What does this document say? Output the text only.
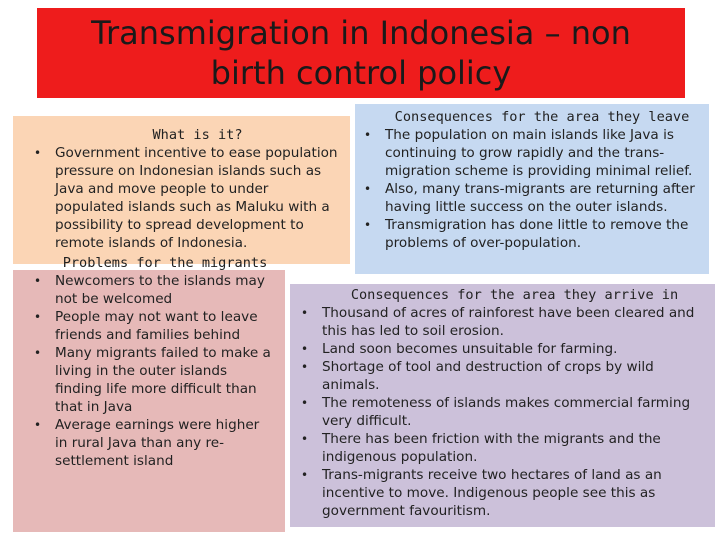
Transmigration in Indonesia – non birth control policy
What is it?
• Government incentive to ease population pressure on Indonesian islands such as Java and move people to under populated islands such as Maluku with a possibility to spread development to remote islands of Indonesia.
Problems for the migrants
• Newcomers to the islands may not be welcomed
• People may not want to leave friends and families behind
• Many migrants failed to make a living in the outer islands finding life more difficult than that in Java
• Average earnings were higher in rural Java than any re-settlement island
Consequences for the area they leave
• The population on main islands like Java is continuing to grow rapidly and the trans-migration scheme is providing minimal relief.
• Also, many trans-migrants are returning after having little success on the outer islands.
• Transmigration has done little to remove the problems of over-population.
Consequences for the area they arrive in
• Thousand of acres of rainforest have been cleared and this has led to soil erosion.
• Land soon becomes unsuitable for farming.
• Shortage of tool and destruction of crops by wild animals.
• The remoteness of islands makes commercial farming very difficult.
• There has been friction with the migrants and the indigenous population.
• Trans-migrants receive two hectares of land as an incentive to move. Indigenous people see this as government favouritism.
